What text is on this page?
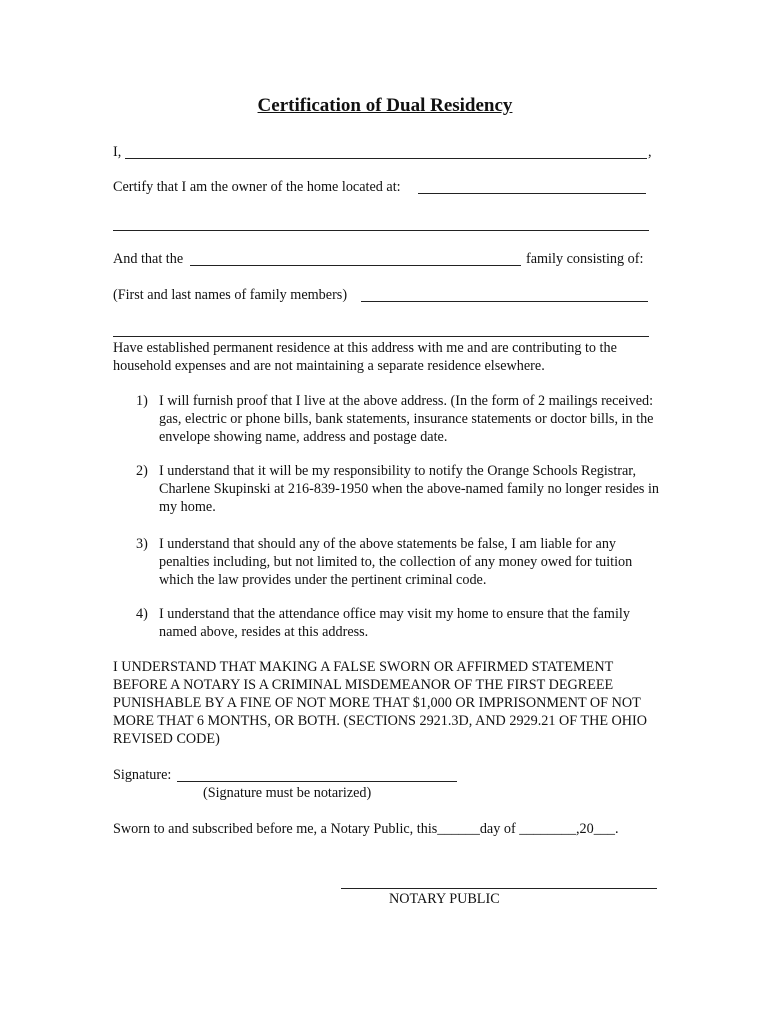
Certification of Dual Residency
I,	,
Certify that I am the owner of the home located at:
And that the	family consisting of:
(First and last names of family members)
Have established permanent residence at this address with me and are contributing to the household expenses and are not maintaining a separate residence elsewhere.
1) I will furnish proof that I live at the above address. (In the form of 2 mailings received: gas, electric or phone bills, bank statements, insurance statements or doctor bills, in the envelope showing name, address and postage date.
2) I understand that it will be my responsibility to notify the Orange Schools Registrar, Charlene Skupinski at 216-839-1950 when the above-named family no longer resides in my home.
3) I understand that should any of the above statements be false, I am liable for any penalties including, but not limited to, the collection of any money owed for tuition which the law provides under the pertinent criminal code.
4) I understand that the attendance office may visit my home to ensure that the family named above, resides at this address.
I UNDERSTAND THAT MAKING A FALSE SWORN OR AFFIRMED STATEMENT BEFORE A NOTARY IS A CRIMINAL MISDEMEANOR OF THE FIRST DEGREEE PUNISHABLE BY A FINE OF NOT MORE THAT $1,000 OR IMPRISONMENT OF NOT MORE THAT 6 MONTHS, OR BOTH. (SECTIONS 2921.3D, AND 2929.21 OF THE OHIO REVISED CODE)
Signature:
(Signature must be notarized)
Sworn to and subscribed before me, a Notary Public, this______day of ________,20___.
NOTARY PUBLIC
